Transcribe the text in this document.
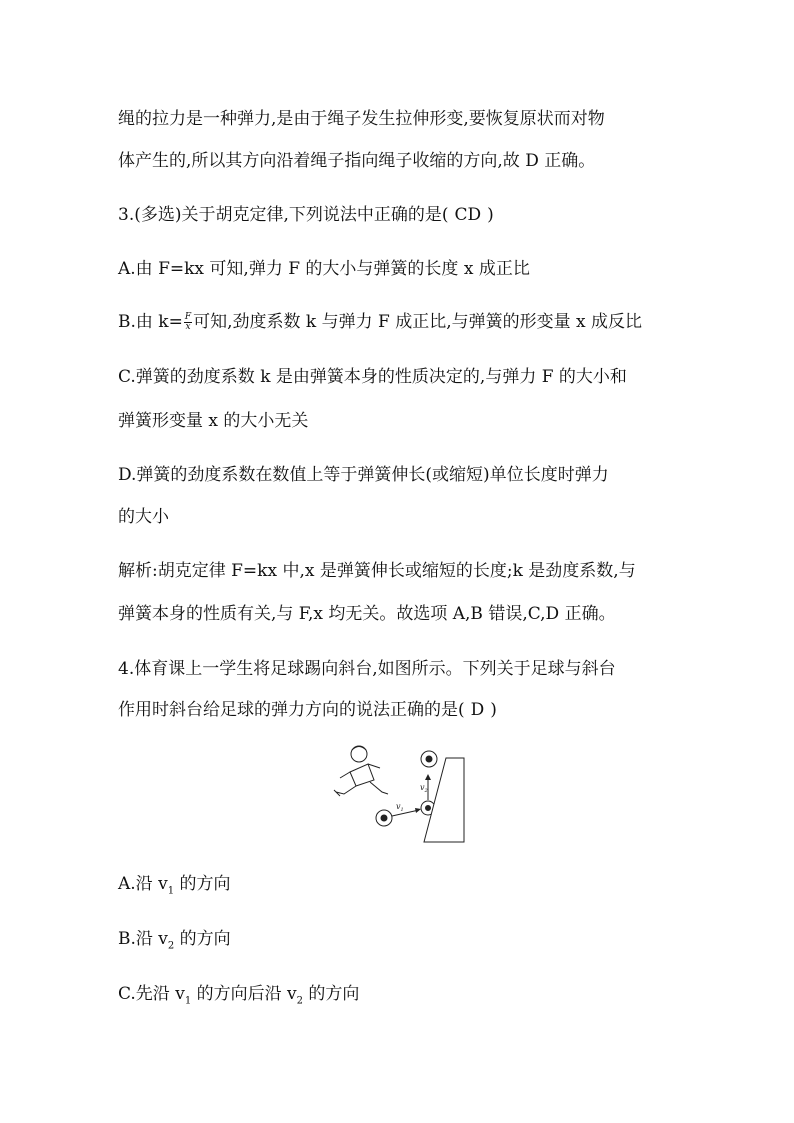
绳的拉力是一种弹力,是由于绳子发生拉伸形变,要恢复原状而对物
体产生的,所以其方向沿着绳子指向绳子收缩的方向,故 D 正确。
3.(多选)关于胡克定律,下列说法中正确的是( CD )
A.由 F=kx 可知,弹力 F 的大小与弹簧的长度 x 成正比
B.由 $k= \frac{F}{x}$ 可知,劲度系数 k 与弹力 F 成正比,与弹簧的形变量 x 成反比
C.弹簧的劲度系数 k 是由弹簧本身的性质决定的,与弹力 F 的大小和
弹簧形变量 x 的大小无关
D.弹簧的劲度系数在数值上等于弹簧伸长(或缩短)单位长度时弹力
的大小
解析:胡克定律 F=kx 中,x 是弹簧伸长或缩短的长度;k 是劲度系数,与
弹簧本身的性质有关,与 F,x 均无关。故选项 A,B 错误,C,D 正确。
4.体育课上一学生将足球踢向斜台,如图所示。下列关于足球与斜台
作用时斜台给足球的弹力方向的说法正确的是( D )
$v_1$
$v_2$
A.沿 $v_1$ 的方向
B.沿 $v_2$ 的方向
C.先沿 $v_1$ 的方向后沿 $v_2$ 的方向
